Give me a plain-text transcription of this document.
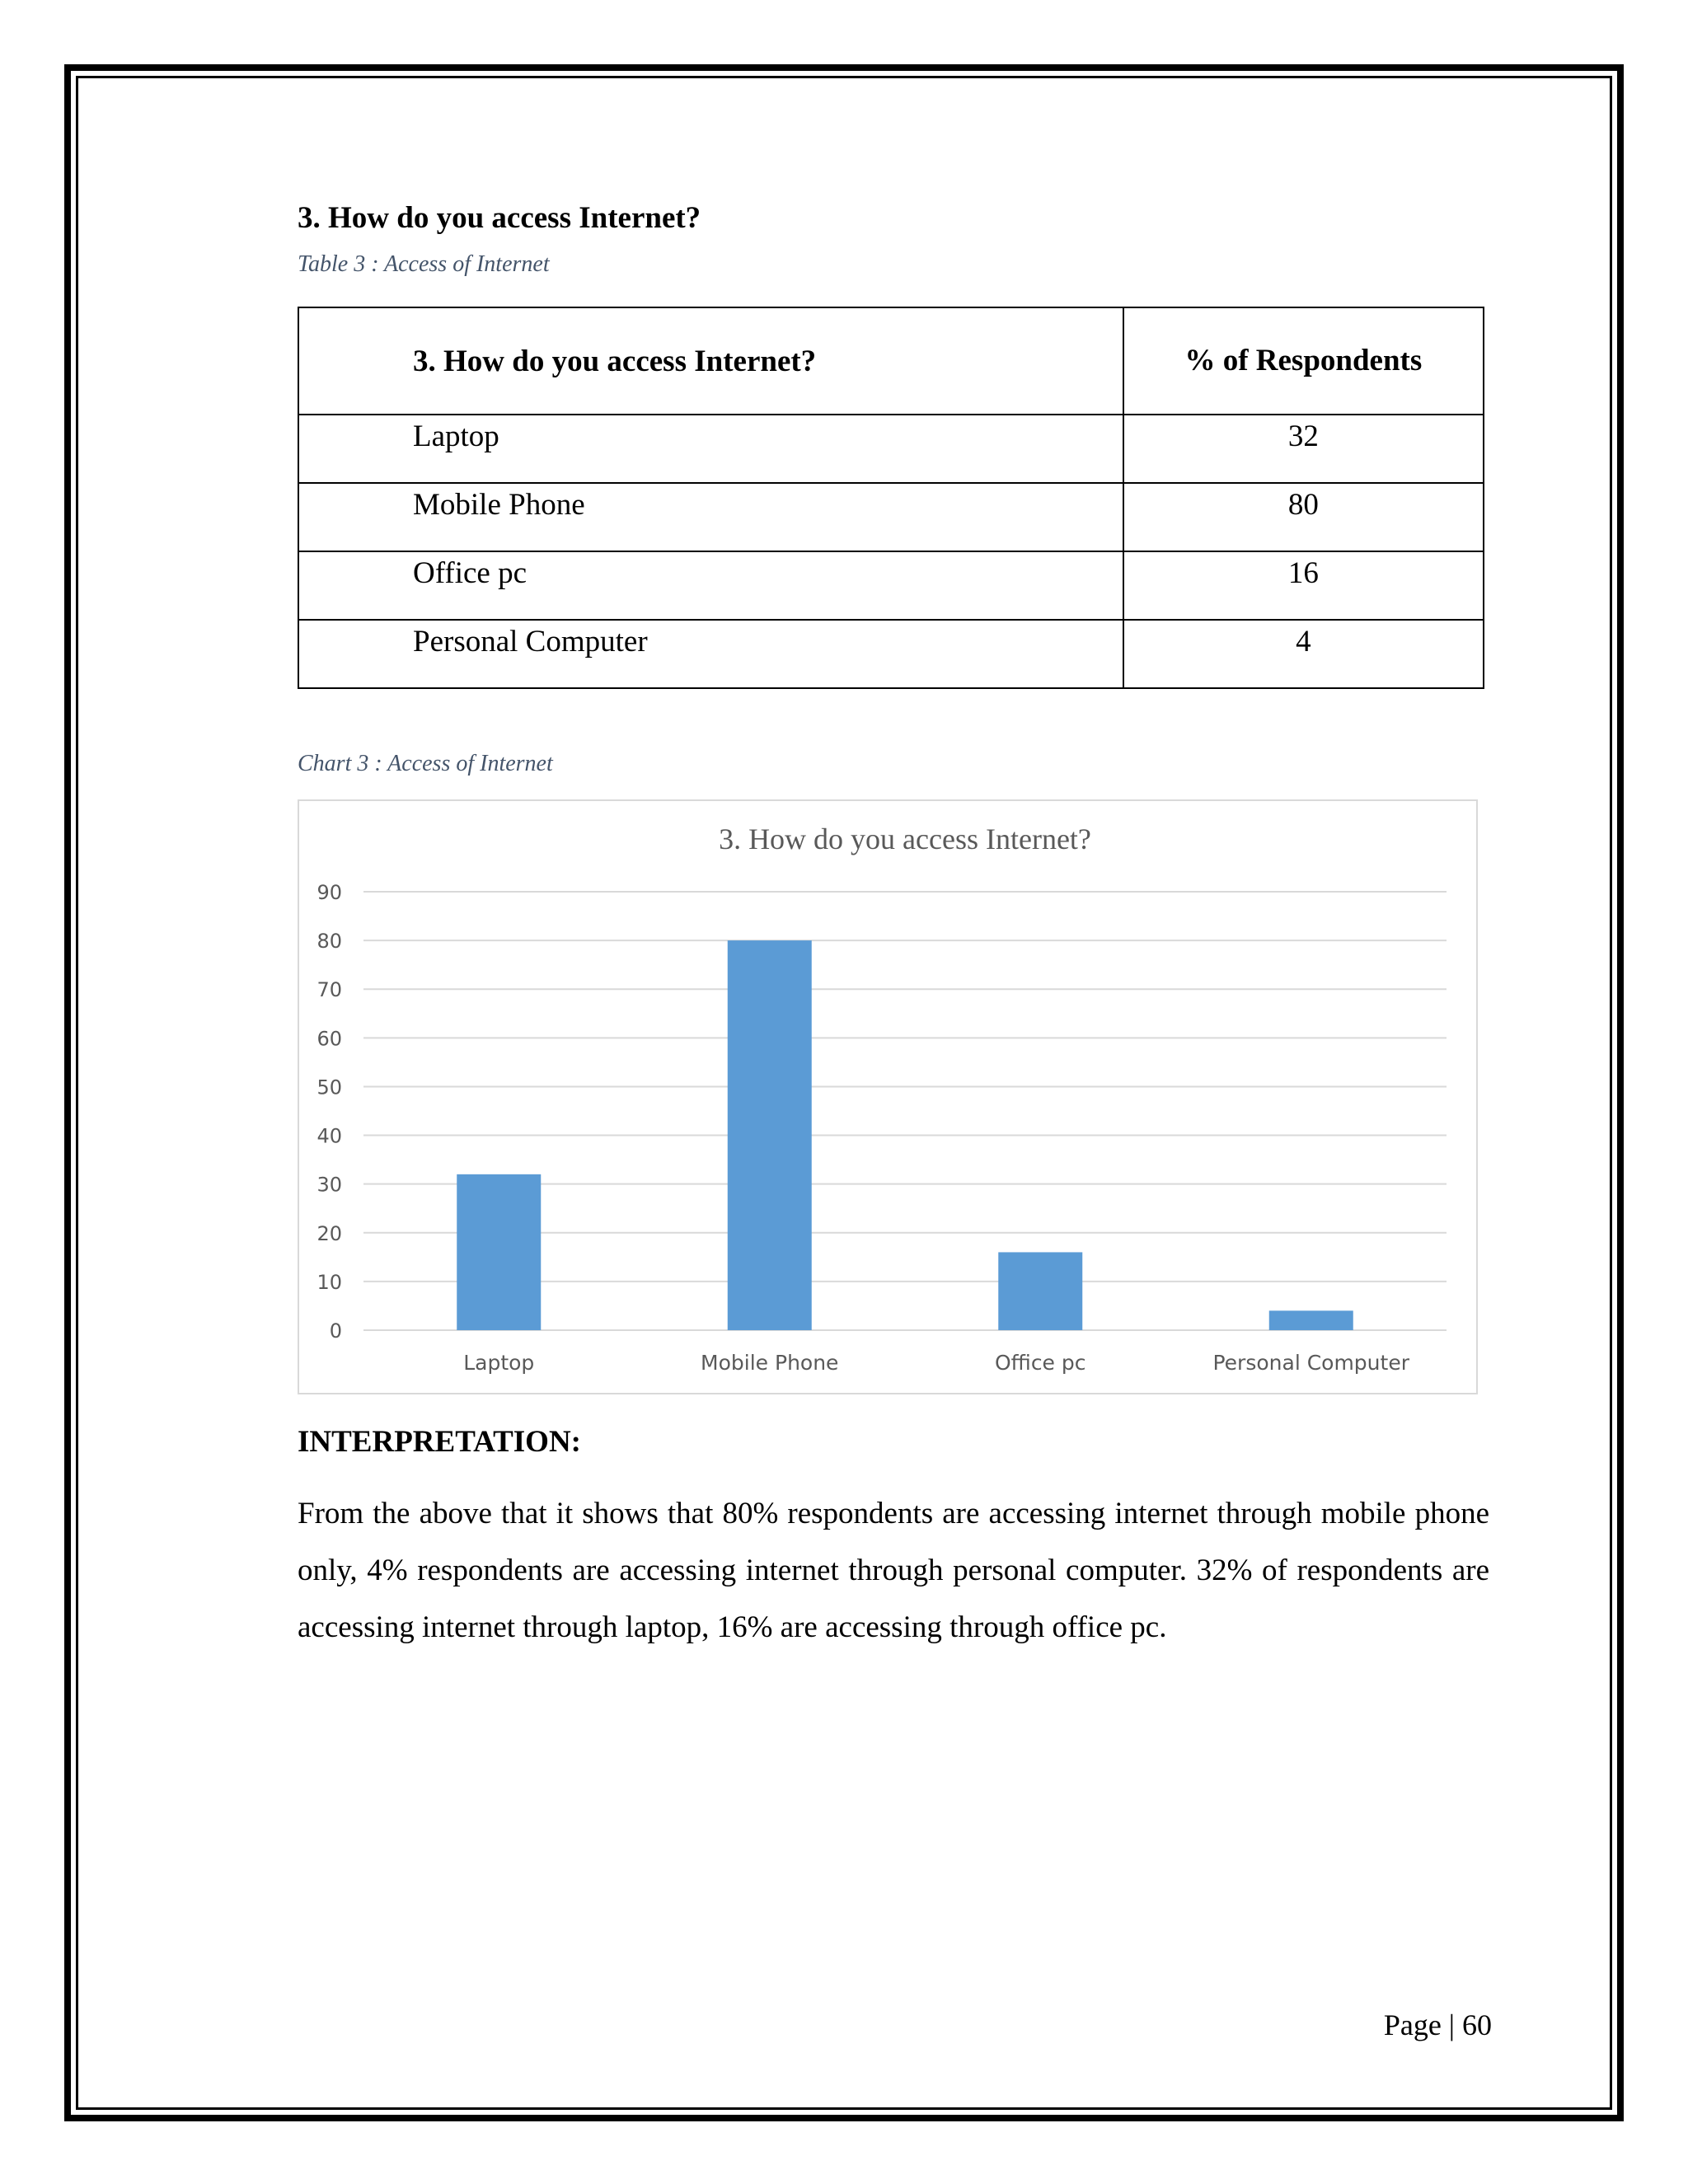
3. How do you access Internet?

Table 3 : Access of Internet

3. How do you access Internet?	% of Respondents
Laptop	32
Mobile Phone	80
Office pc	16
Personal Computer	4

Chart 3 : Access of Internet

3. How do you access Internet?
0
10
20
30
40
50
60
70
80
90
Laptop	Mobile Phone	Office pc	Personal Computer
INTERPRETATION:
From the above that it shows that 80% respondents are accessing internet through mobile phone only, 4% respondents are accessing internet through personal computer. 32% of respondents are accessing internet through laptop, 16% are accessing through office pc.
Page | 60
